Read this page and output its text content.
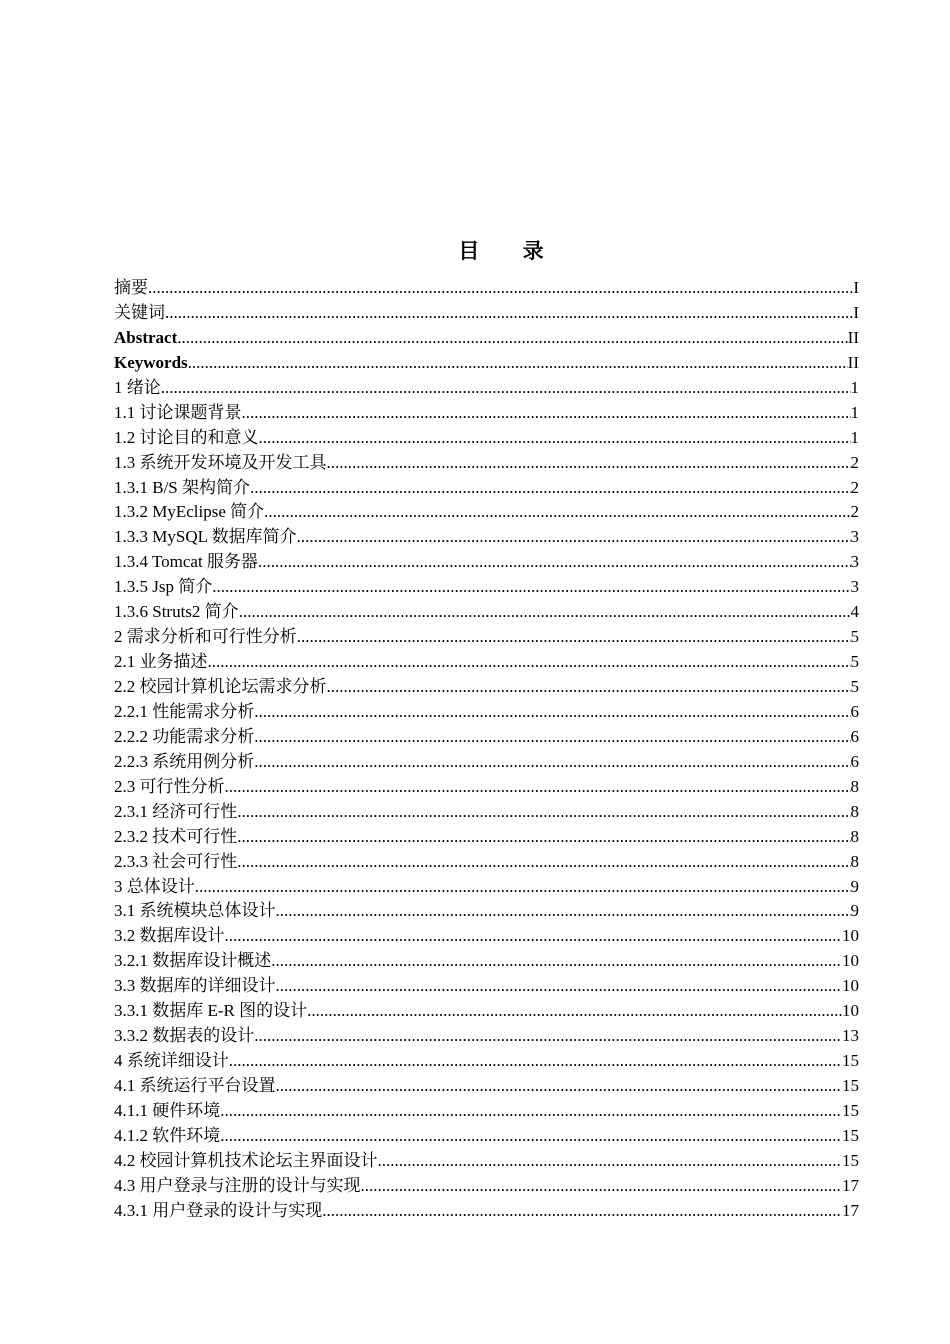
目 录
摘要 .....	I
关键词 .....	I
Abstract .....	II
Keywords .....	II
1 绪论 .....	1
1.1 讨论课题背景 .....	1
1.2 讨论目的和意义 .....	1
1.3 系统开发环境及开发工具 .....	2
1.3.1 B/S 架构简介 .....	2
1.3.2 MyEclipse 简介 .....	2
1.3.3 MySQL 数据库简介 .....	3
1.3.4 Tomcat 服务器 .....	3
1.3.5 Jsp 简介 .....	3
1.3.6 Struts2 简介 .....	4
2 需求分析和可行性分析 .....	5
2.1 业务描述 .....	5
2.2 校园计算机论坛需求分析 .....	5
2.2.1 性能需求分析 .....	6
2.2.2 功能需求分析 .....	6
2.2.3 系统用例分析 .....	6
2.3 可行性分析 .....	8
2.3.1 经济可行性 .....	8
2.3.2 技术可行性 .....	8
2.3.3 社会可行性 .....	8
3 总体设计 .....	9
3.1 系统模块总体设计 .....	9
3.2 数据库设计 .....	10
3.2.1 数据库设计概述 .....	10
3.3 数据库的详细设计 .....	10
3.3.1 数据库 E-R 图的设计 .....	10
3.3.2 数据表的设计 .....	13
4 系统详细设计 .....	15
4.1 系统运行平台设置 .....	15
4.1.1 硬件环境 .....	15
4.1.2 软件环境 .....	15
4.2 校园计算机技术论坛主界面设计 .....	15
4.3 用户登录与注册的设计与实现 .....	17
4.3.1 用户登录的设计与实现 .....	17
